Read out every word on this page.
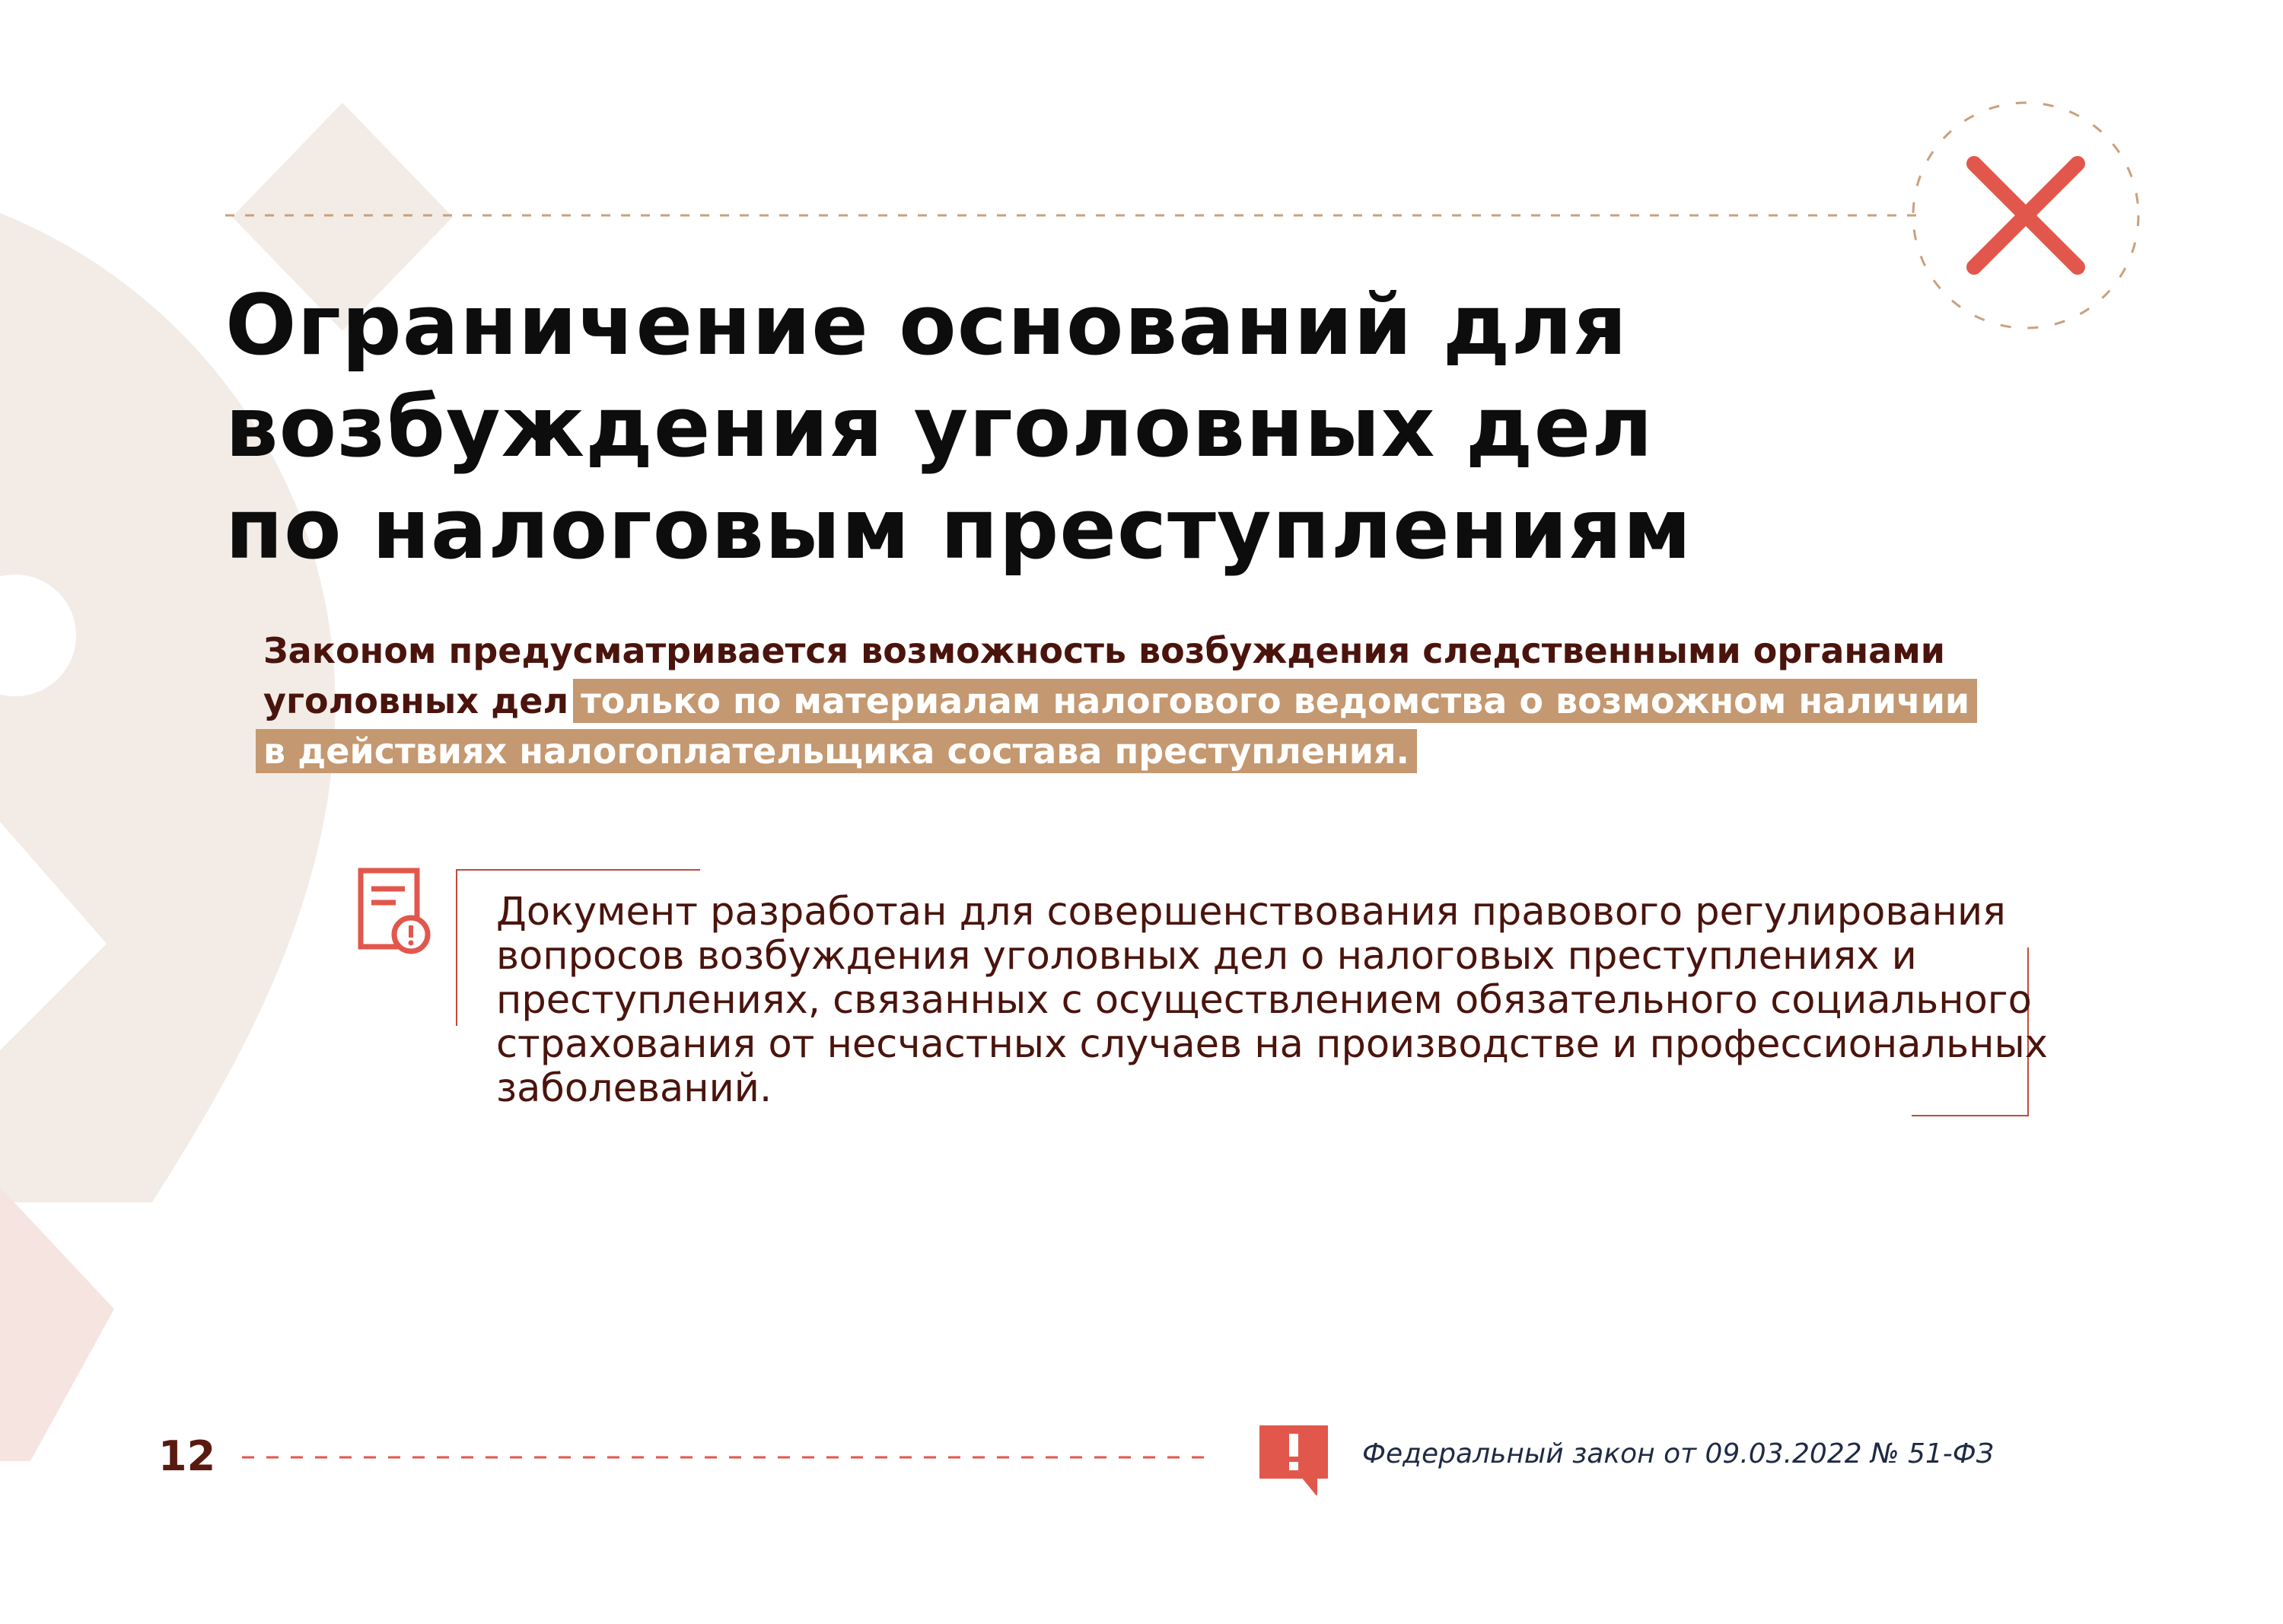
Ограничение оснований для
возбуждения уголовных дел
по налоговым преступлениям
Законом предусматривается возможность возбуждения следственными органами
уголовных дел только по материалам налогового ведомства о возможном наличии
в действиях налогоплательщика состава преступления.
Документ разработан для совершенствования правового регулирования
вопросов возбуждения уголовных дел о налоговых преступлениях и
преступлениях, связанных с осуществлением обязательного социального
страхования от несчастных случаев на производстве и профессиональных
заболеваний.
12	Федеральный закон от 09.03.2022 № 51-ФЗ
